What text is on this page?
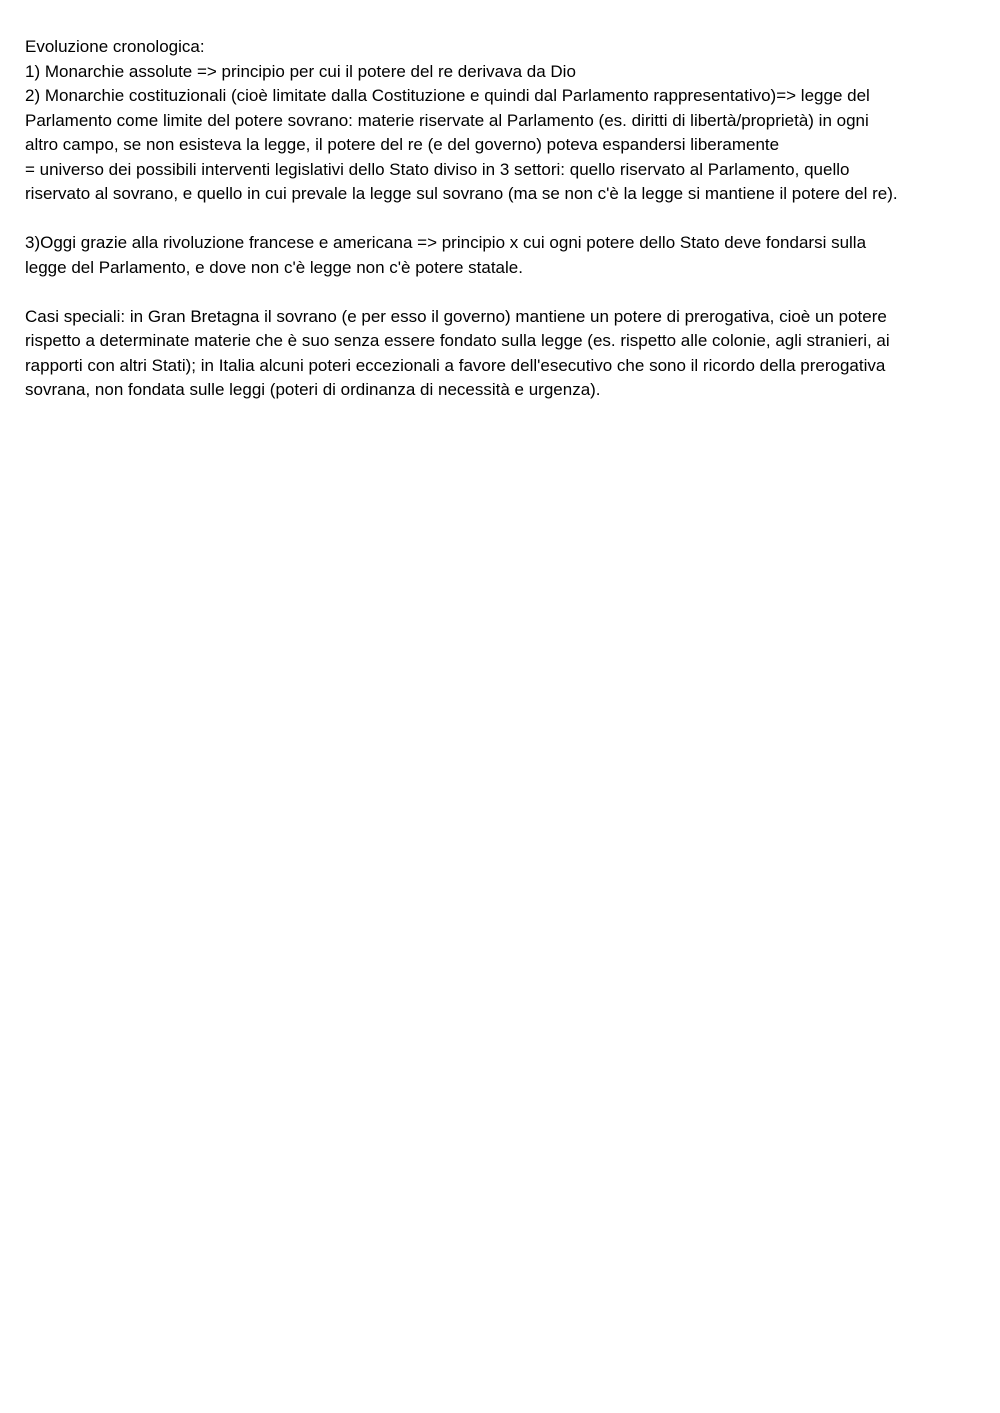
Evoluzione cronologica:
1) Monarchie assolute => principio per cui il potere del re derivava da Dio
2) Monarchie costituzionali (cioè limitate dalla Costituzione e quindi dal Parlamento rappresentativo)=> legge del
Parlamento come limite del potere sovrano: materie riservate al Parlamento (es. diritti di libertà/proprietà) in ogni
altro campo, se non esisteva la legge, il potere del re (e del governo) poteva espandersi liberamente
= universo dei possibili interventi legislativi dello Stato diviso in 3 settori: quello riservato al Parlamento, quello
riservato al sovrano, e quello in cui prevale la legge sul sovrano (ma se non c'è la legge si mantiene il potere del re).

3)Oggi grazie alla rivoluzione francese e americana => principio x cui ogni potere dello Stato deve fondarsi sulla
legge del Parlamento, e dove non c'è legge non c'è potere statale.

Casi speciali: in Gran Bretagna il sovrano (e per esso il governo) mantiene un potere di prerogativa, cioè un potere
rispetto a determinate materie che è suo senza essere fondato sulla legge (es. rispetto alle colonie, agli stranieri, ai
rapporti con altri Stati); in Italia alcuni poteri eccezionali a favore dell'esecutivo che sono il ricordo della prerogativa
sovrana, non fondata sulle leggi (poteri di ordinanza di necessità e urgenza).
